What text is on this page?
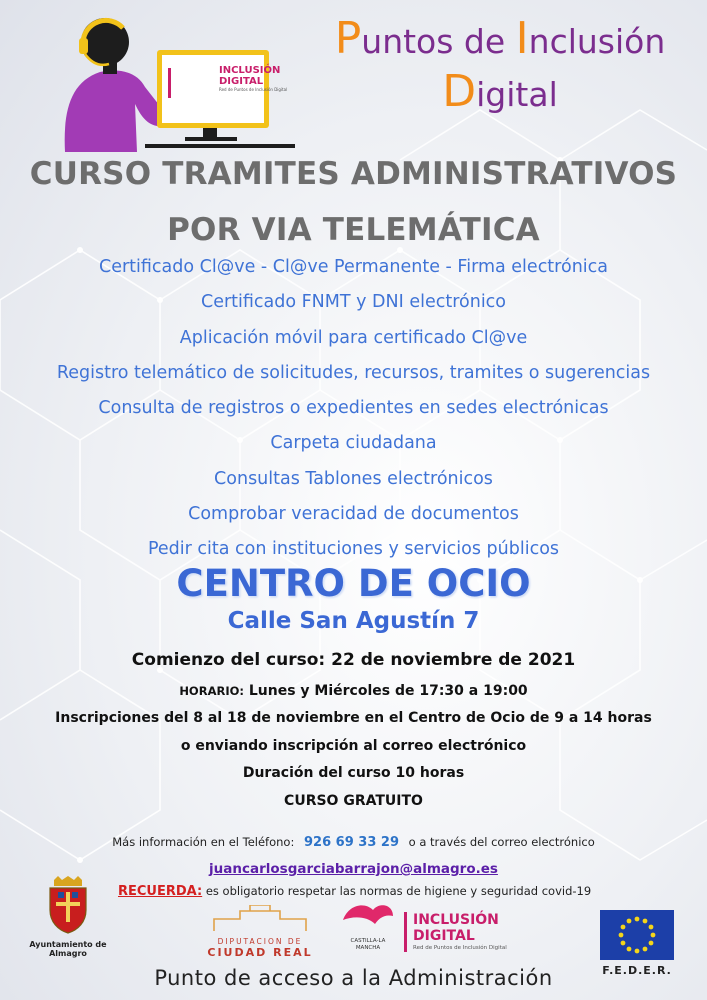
INCLUSIÓN
DIGITAL
Red de Puntos de Inclusión Digital
Puntos de Inclusión
Digital
CURSO TRAMITES ADMINISTRATIVOS
POR VIA TELEMÁTICA
Certificado Cl@ve - Cl@ve Permanente - Firma electrónica
Certificado FNMT y DNI electrónico
Aplicación móvil para certificado Cl@ve
Registro telemático de solicitudes, recursos, tramites o sugerencias
Consulta de registros o expedientes en sedes electrónicas
Carpeta ciudadana
Consultas Tablones electrónicos
Comprobar veracidad de documentos
Pedir cita con instituciones y servicios públicos
CENTRO DE OCIO
Calle San Agustín 7
Comienzo del curso: 22 de noviembre de 2021
HORARIO: Lunes y Miércoles de 17:30 a 19:00
Inscripciones del 8 al 18 de noviembre en el Centro de Ocio de 9 a 14 horas
o enviando inscripción al correo electrónico
Duración del curso 10 horas
CURSO GRATUITO
Más información en el Teléfono: 926 69 33 29 o a través del correo electrónico
juancarlosgarciabarrajon@almagro.es
RECUERDA: es obligatorio respetar las normas de higiene y seguridad covid-19
Ayuntamiento de Almagro
DIPUTACION DE
CIUDAD REAL
CASTILLA-LA MANCHA
INCLUSIÓN
DIGITAL
Red de Puntos de Inclusión Digital
F.E.D.E.R.
Punto de acceso a la Administración
